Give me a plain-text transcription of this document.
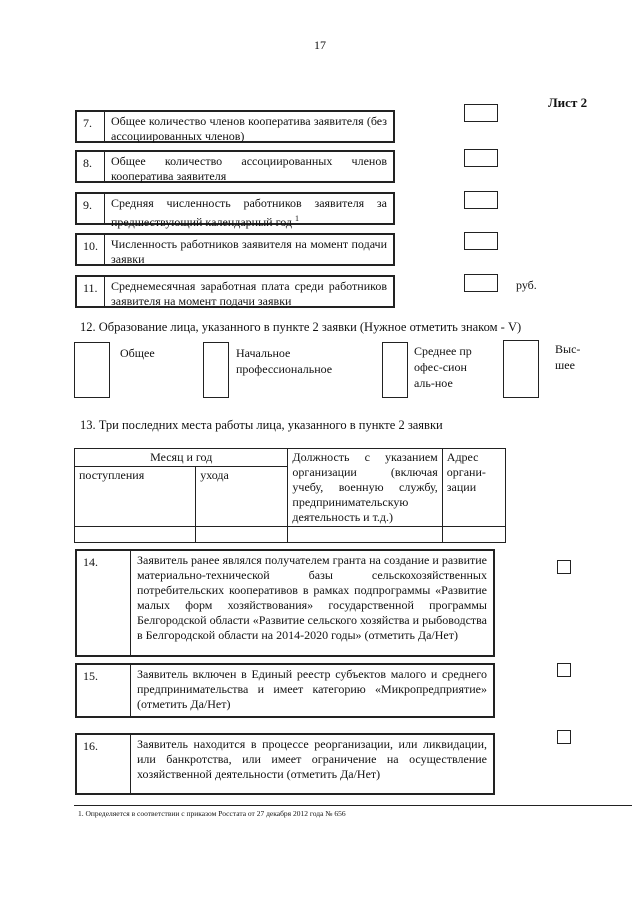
17
Лист 2
7.	Общее количество членов кооператива заявителя (без ассоциированных членов)
8.	Общее количество ассоциированных членов кооператива заявителя
9.	Средняя численность работников заявителя за предшествующий календарный год $^1$
10.	Численность работников заявителя на момент подачи заявки
11.	Среднемесячная заработная плата среди работников заявителя на момент подачи заявки
руб.
12. Образование лица, указанного в пункте 2 заявки (Нужное отметить знаком - V)
Общее	Начальное профессиональное
Среднее профес-сиональ-ное
Выс-шее
13. Три последних места работы лица, указанного в пункте 2 заявки
Месяц и год		Должность с указанием организации (включая учебу, военную службу, предпринимательскую деятельность и т.д.)	Адрес органи-зации
поступления	ухода		

14.	Заявитель ранее являлся получателем гранта на создание и развитие материально-технической базы сельскохозяйственных потребительских кооперативов в рамках подпрограммы «Развитие малых форм хозяйствования» государственной программы Белгородской области «Развитие сельского хозяйства и рыбоводства в Белгородской области на 2014-2020 годы» (отметить Да/Нет)
15.	Заявитель включен в Единый реестр субъектов малого и среднего предпринимательства и имеет категорию «Микропредприятие» (отметить Да/Нет)
16.	Заявитель находится в процессе реорганизации, или ликвидации, или банкротства, или имеет ограничение на осуществление хозяйственной деятельности (отметить Да/Нет)
1. Определяется в соответствии с приказом Росстата от 27 декабря 2012 года № 656
